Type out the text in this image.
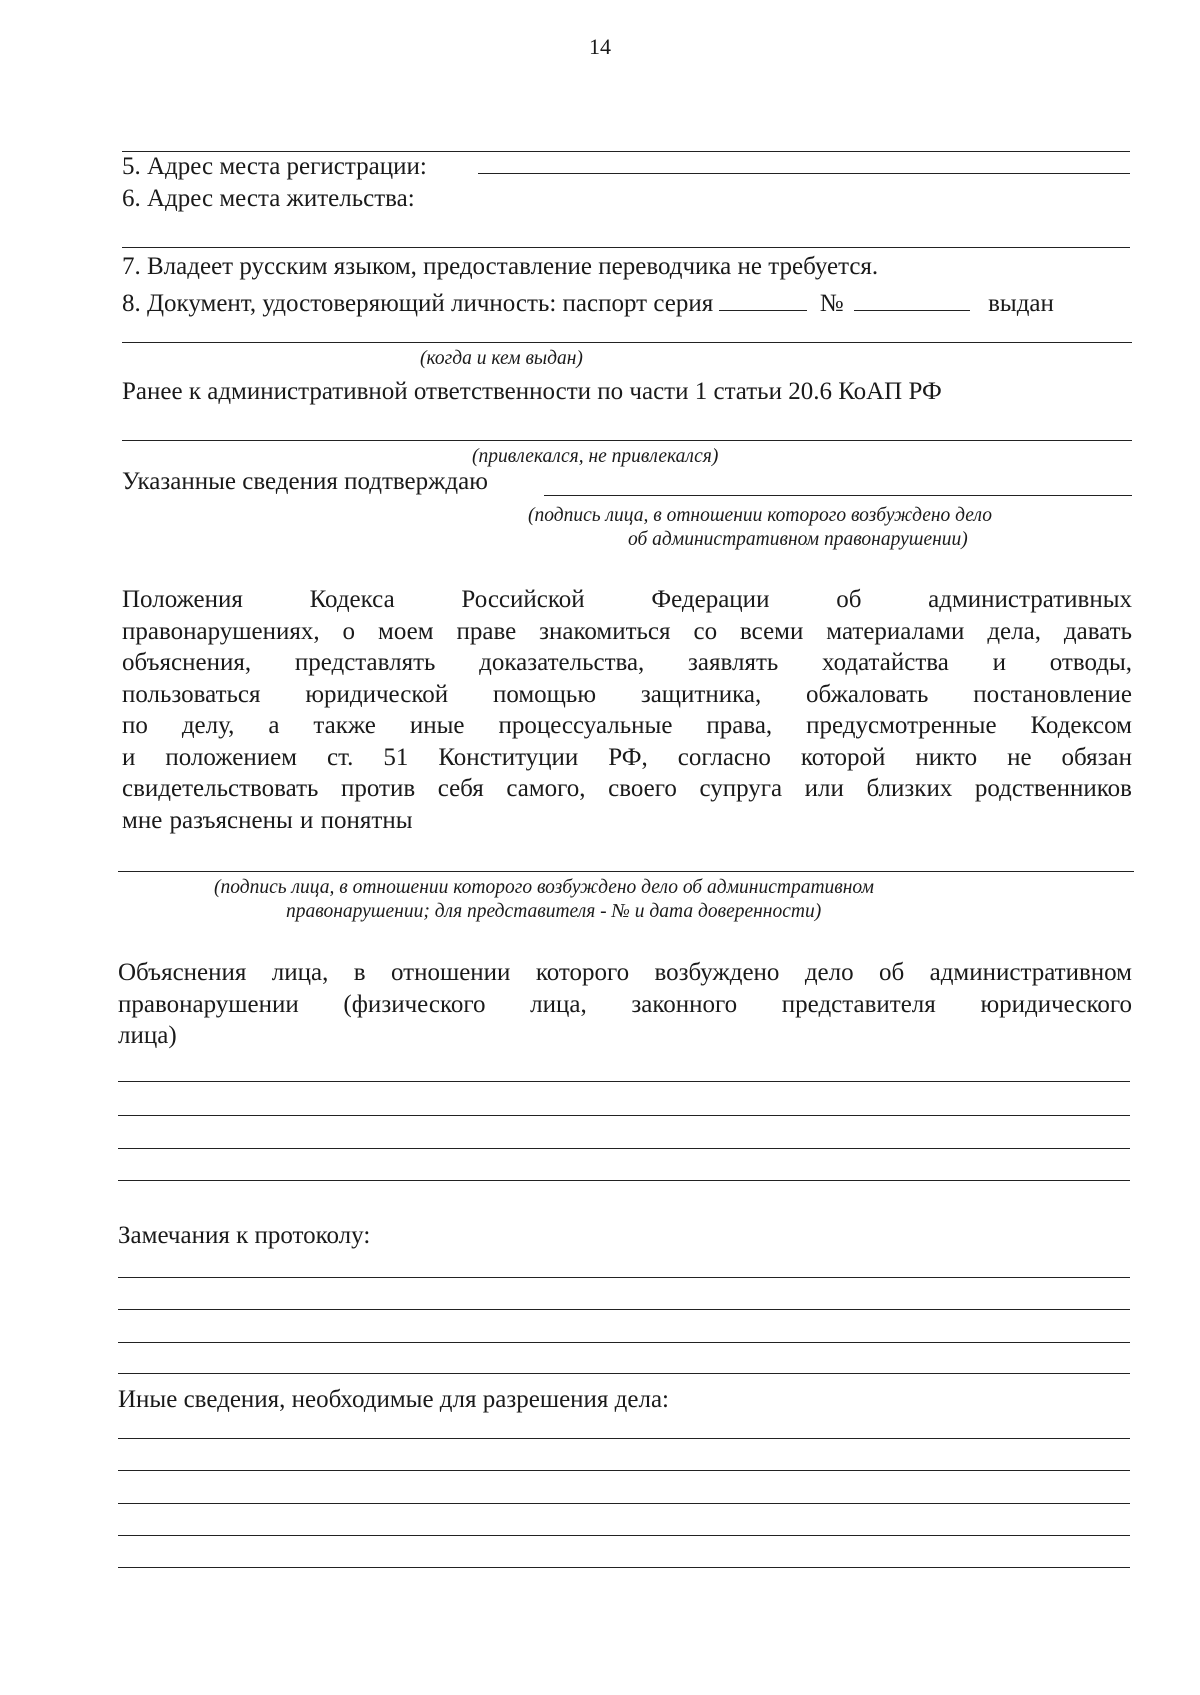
14
5. Адрес места регистрации:
6. Адрес места жительства:
7. Владеет русским языком, предоставление переводчика не требуется.
8. Документ, удостоверяющий личность: паспорт серия	№	выдан
(когда и кем выдан)
Ранее к административной ответственности по части 1 статьи 20.6 КоАП РФ
(привлекался, не привлекался)
Указанные сведения подтверждаю
(подпись лица, в отношении которого возбуждено дело
об административном правонарушении)
Положения Кодекса Российской Федерации об административных
правонарушениях, о моем праве знакомиться со всеми материалами дела, давать
объяснения, представлять доказательства, заявлять ходатайства и отводы,
пользоваться юридической помощью защитника, обжаловать постановление
по делу, а также иные процессуальные права, предусмотренные Кодексом
и положением ст. 51 Конституции РФ, согласно которой никто не обязан
свидетельствовать против себя самого, своего супруга или близких родственников
мне разъяснены и понятны
(подпись лица, в отношении которого возбуждено дело об административном
правонарушении; для представителя - № и дата доверенности)
Объяснения лица, в отношении которого возбуждено дело об административном
правонарушении (физического лица, законного представителя юридического
лица)
Замечания к протоколу:
Иные сведения, необходимые для разрешения дела:
